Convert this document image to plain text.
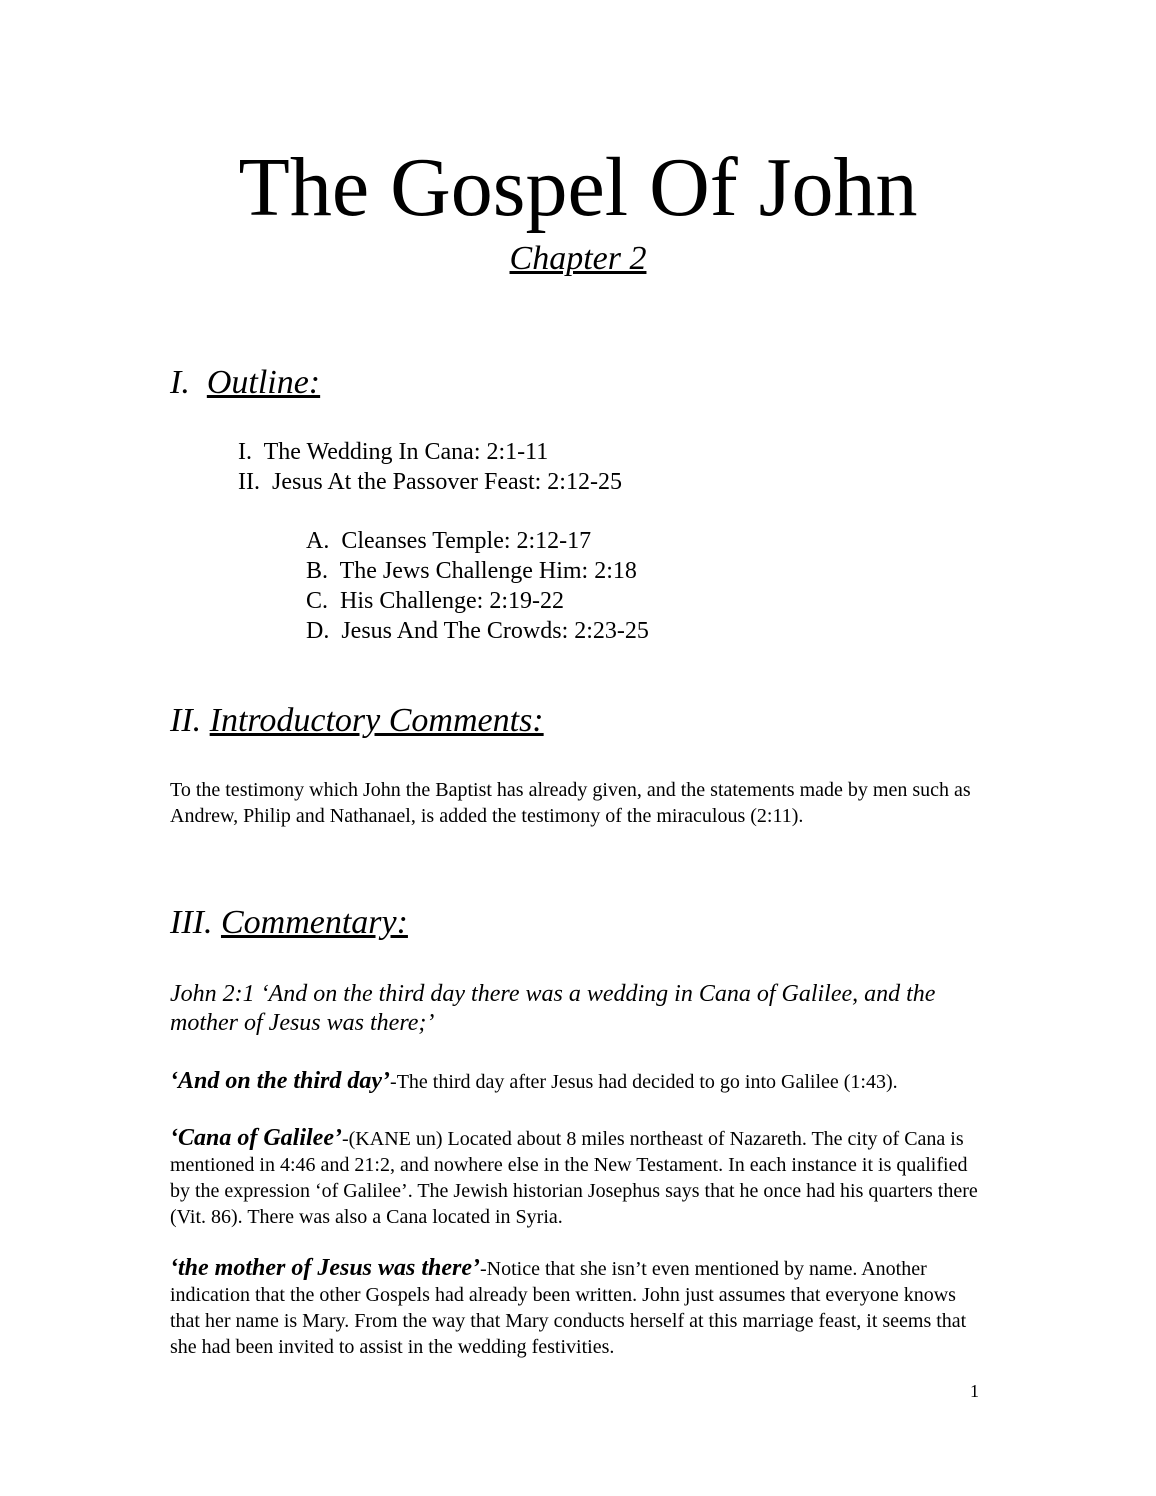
The Gospel Of John
Chapter 2
I. Outline:
I. The Wedding In Cana: 2:1-11
II. Jesus At the Passover Feast: 2:12-25
A. Cleanses Temple: 2:12-17
B. The Jews Challenge Him: 2:18
C. His Challenge: 2:19-22
D. Jesus And The Crowds: 2:23-25
II. Introductory Comments:

To the testimony which John the Baptist has already given, and the statements made by men such as Andrew, Philip and Nathanael, is added the testimony of the miraculous (2:11).

III. Commentary:

John 2:1 ‘And on the third day there was a wedding in Cana of Galilee, and the mother of Jesus was there;’

‘And on the third day’-The third day after Jesus had decided to go into Galilee (1:43).

‘Cana of Galilee’-(KANE un) Located about 8 miles northeast of Nazareth. The city of Cana is mentioned in 4:46 and 21:2, and nowhere else in the New Testament. In each instance it is qualified by the expression ‘of Galilee’. The Jewish historian Josephus says that he once had his quarters there (Vit. 86). There was also a Cana located in Syria.

‘the mother of Jesus was there’-Notice that she isn’t even mentioned by name. Another indication that the other Gospels had already been written. John just assumes that everyone knows that her name is Mary. From the way that Mary conducts herself at this marriage feast, it seems that she had been invited to assist in the wedding festivities.

1
